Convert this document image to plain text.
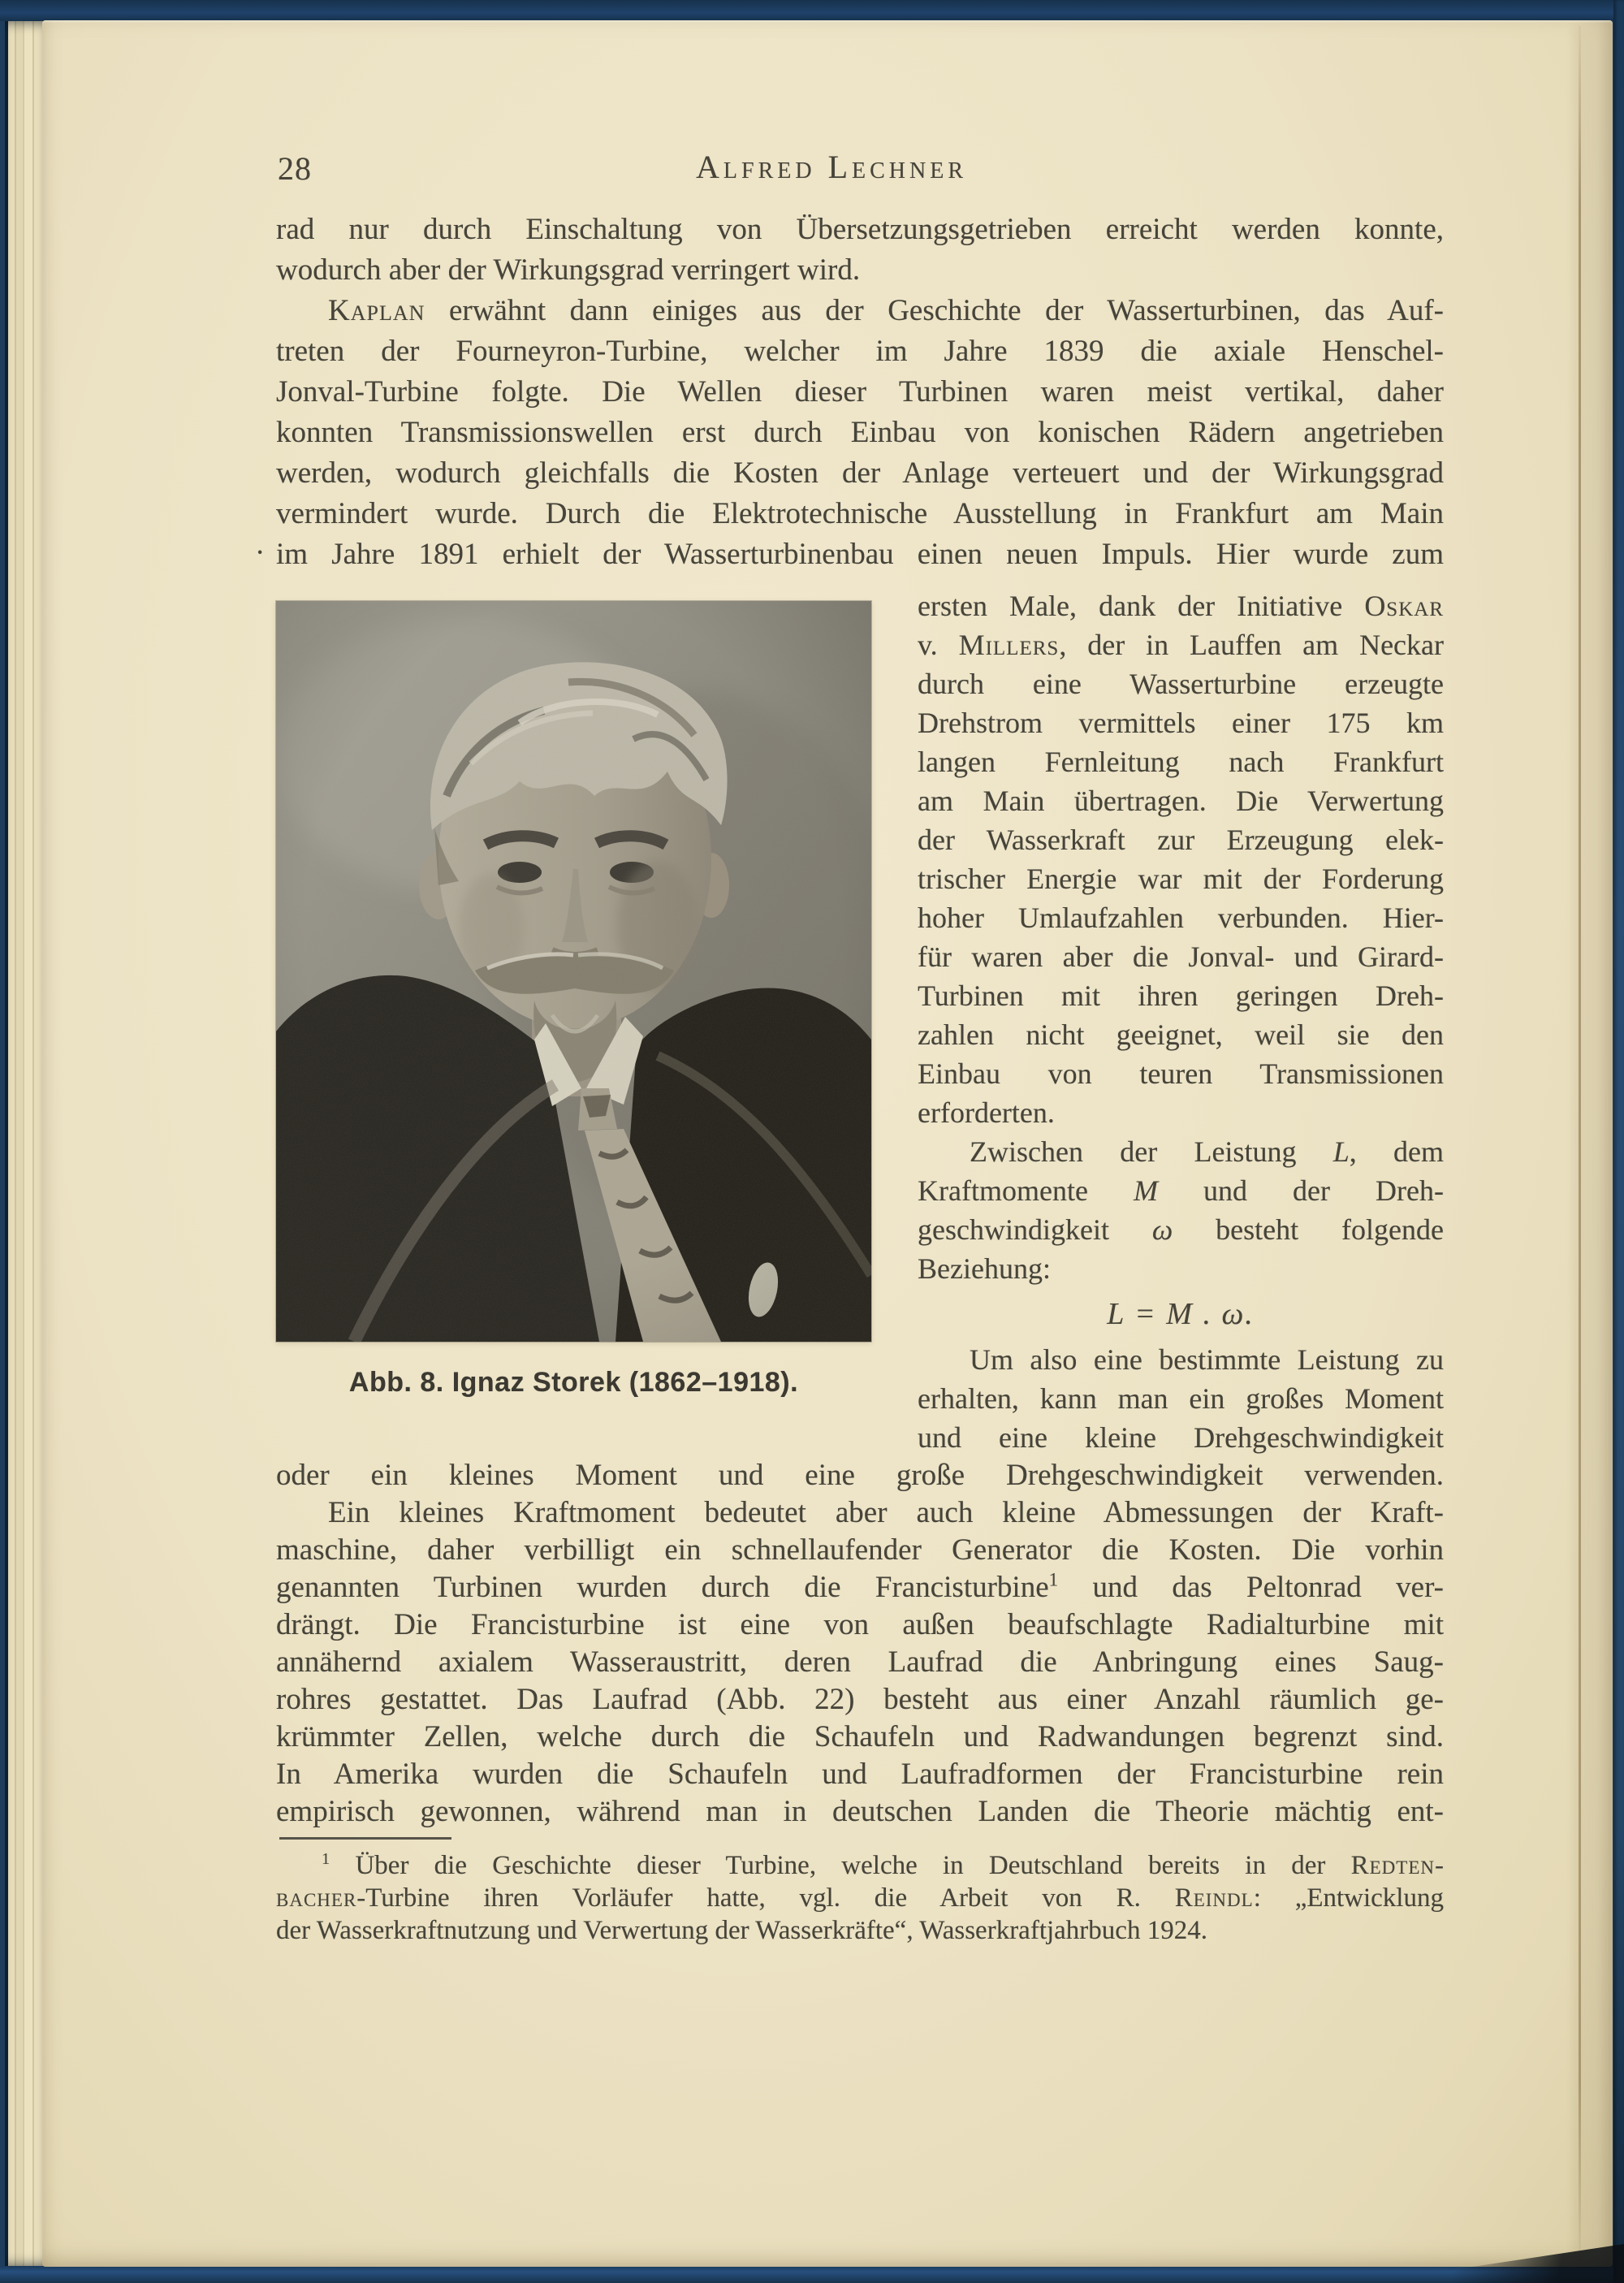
28	Alfred Lechner
·
rad nur durch Einschaltung von Übersetzungsgetrieben erreicht werden konnte,
wodurch aber der Wirkungsgrad verringert wird.
Kaplan erwähnt dann einiges aus der Geschichte der Wasserturbinen, das Auf-
treten der Fourneyron-Turbine, welcher im Jahre 1839 die axiale Henschel-
Jonval-Turbine folgte. Die Wellen dieser Turbinen waren meist vertikal, daher
konnten Transmissionswellen erst durch Einbau von konischen Rädern angetrieben
werden, wodurch gleichfalls die Kosten der Anlage verteuert und der Wirkungsgrad
vermindert wurde. Durch die Elektrotechnische Ausstellung in Frankfurt am Main
im Jahre 1891 erhielt der Wasserturbinenbau einen neuen Impuls. Hier wurde zum
Abb. 8. Ignaz Storek (1862–1918).
ersten Male, dank der Initiative Oskar
v. Millers, der in Lauffen am Neckar
durch eine Wasserturbine erzeugte
Drehstrom vermittels einer 175 km
langen Fernleitung nach Frankfurt
am Main übertragen. Die Verwertung
der Wasserkraft zur Erzeugung elek-
trischer Energie war mit der Forderung
hoher Umlaufzahlen verbunden. Hier-
für waren aber die Jonval- und Girard-
Turbinen mit ihren geringen Dreh-
zahlen nicht geeignet, weil sie den
Einbau von teuren Transmissionen
erforderten.
Zwischen der Leistung L, dem
Kraftmomente M und der Dreh-
geschwindigkeit ω besteht folgende
Beziehung:
L = M . ω.
Um also eine bestimmte Leistung zu
erhalten, kann man ein großes Moment
und eine kleine Drehgeschwindigkeit
oder ein kleines Moment und eine große Drehgeschwindigkeit verwenden.
Ein kleines Kraftmoment bedeutet aber auch kleine Abmessungen der Kraft-
maschine, daher verbilligt ein schnellaufender Generator die Kosten. Die vorhin
genannten Turbinen wurden durch die Francisturbine$^1$ und das Peltonrad ver-
drängt. Die Francisturbine ist eine von außen beaufschlagte Radialturbine mit
annähernd axialem Wasseraustritt, deren Laufrad die Anbringung eines Saug-
rohres gestattet. Das Laufrad (Abb. 22) besteht aus einer Anzahl räumlich ge-
krümmter Zellen, welche durch die Schaufeln und Radwandungen begrenzt sind.
In Amerika wurden die Schaufeln und Laufradformen der Francisturbine rein
empirisch gewonnen, während man in deutschen Landen die Theorie mächtig ent-
$^1$ Über die Geschichte dieser Turbine, welche in Deutschland bereits in der Redten-
bacher-Turbine ihren Vorläufer hatte, vgl. die Arbeit von R. Reindl: „Entwicklung
der Wasserkraftnutzung und Verwertung der Wasserkräfte“, Wasserkraftjahrbuch 1924.
